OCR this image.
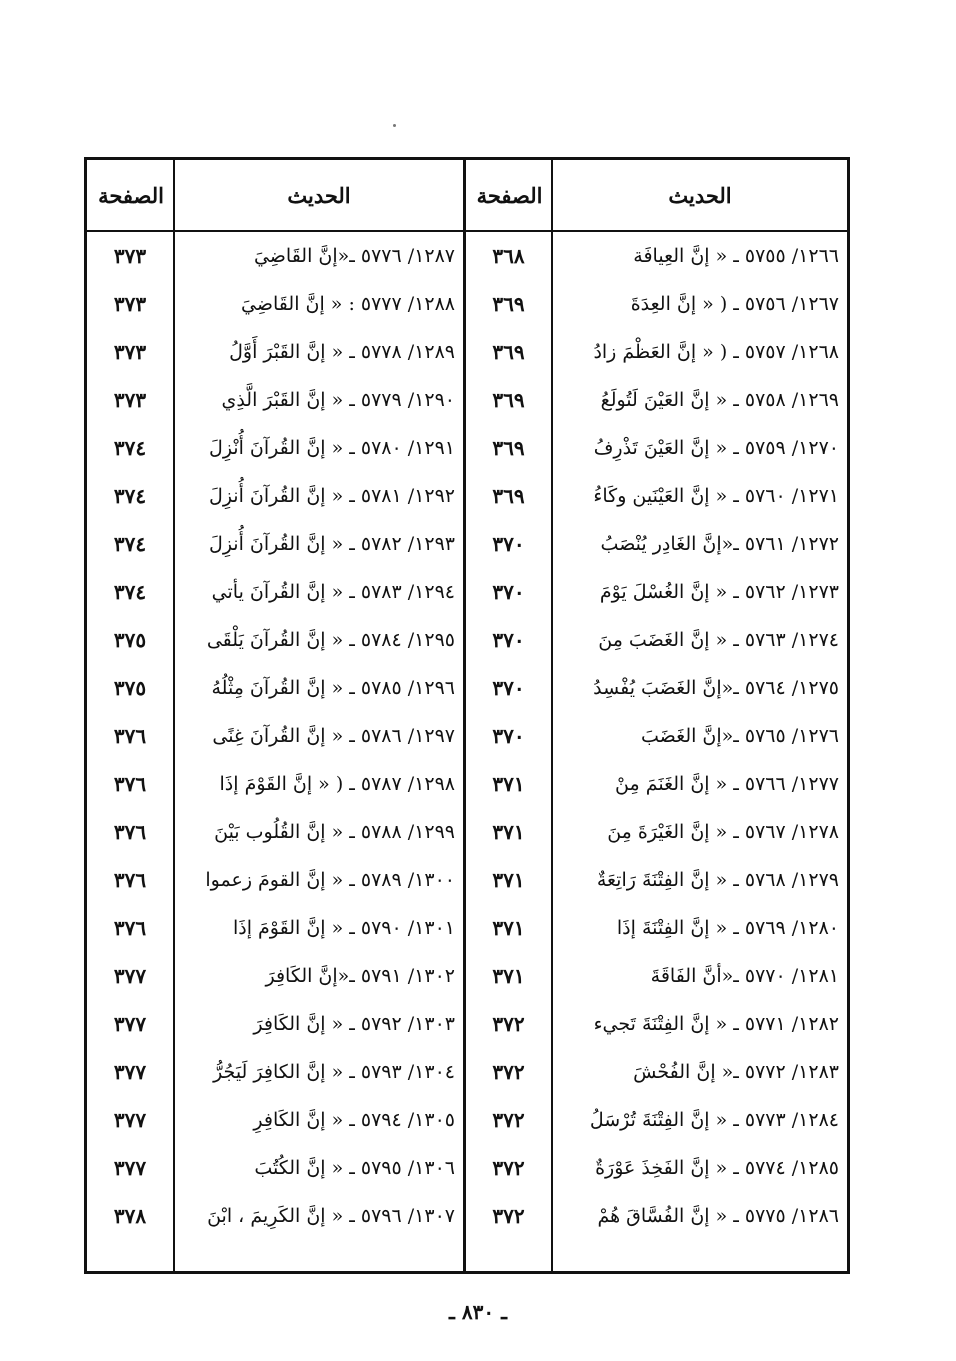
الصفحة	الحديث	الصفحة	الحديث
٣٧٣	١٢٨٧/ ٥٧٧٦ ـ«إنَّ القَاضِيَ	٣٦٨	١٢٦٦/ ٥٧٥٥ ـ « إنَّ العِيافَة
٣٧٣	١٢٨٨/ ٥٧٧٧ : « إنَّ القَاضِيَ	٣٦٩	١٢٦٧/ ٥٧٥٦ ـ ( « إنَّ العِدَةَ
٣٧٣	١٢٨٩/ ٥٧٧٨ ـ « إنَّ القَبْرَ أَوَّلُ	٣٦٩	١٢٦٨/ ٥٧٥٧ ـ ( « إنَّ العَظْمَ زادُ
٣٧٣	١٢٩٠/ ٥٧٧٩ ـ « إنَّ القَبْرَ الَّذِي	٣٦٩	١٢٦٩/ ٥٧٥٨ ـ « إنَّ العَيْنَ لَتُولَعُ
٣٧٤	١٢٩١/ ٥٧٨٠ ـ « إنَّ القُرآنَ أُنْزِلَ	٣٦٩	١٢٧٠/ ٥٧٥٩ ـ « إنَّ العَيْنَ تَذْرِفُ
٣٧٤	١٢٩٢/ ٥٧٨١ ـ « إنَّ القُرآنَ أُنزِلَ	٣٦٩	١٢٧١/ ٥٧٦٠ ـ « إنَّ العَيْنَين وكَاءُ
٣٧٤	١٢٩٣/ ٥٧٨٢ ـ « إنَّ القُرآنَ أُنزِلَ	٣٧٠	١٢٧٢/ ٥٧٦١ ـ«إنَّ الغَادِر يُنْصَبُ
٣٧٤	١٢٩٤/ ٥٧٨٣ ـ « إنَّ القُرآنَ يأتي	٣٧٠	١٢٧٣/ ٥٧٦٢ ـ « إنَّ الغُسْلَ يَوْمَ
٣٧٥	١٢٩٥/ ٥٧٨٤ ـ « إنَّ القُرآنَ يَلْقَى	٣٧٠	١٢٧٤/ ٥٧٦٣ ـ « إنَّ الغَضَبَ مِنَ
٣٧٥	١٢٩٦/ ٥٧٨٥ ـ « إنَّ القُرآنَ مِثْلُهُ	٣٧٠	١٢٧٥/ ٥٧٦٤ ـ«إنَّ الغَضَبَ يُفْسِدُ
٣٧٦	١٢٩٧/ ٥٧٨٦ ـ « إنَّ القُرآنَ غِنًى	٣٧٠	١٢٧٦/ ٥٧٦٥ ـ«إنَّ الغَضَبَ
٣٧٦	١٢٩٨/ ٥٧٨٧ ـ ( « إنَّ القَوْمَ إذَا	٣٧١	١٢٧٧/ ٥٧٦٦ ـ « إنَّ الغَنَمَ مِنْ
٣٧٦	١٢٩٩/ ٥٧٨٨ ـ « إنَّ القُلُوب بَيْنَ	٣٧١	١٢٧٨/ ٥٧٦٧ ـ « إنَّ الغَيْرَةَ مِنَ
٣٧٦	١٣٠٠/ ٥٧٨٩ ـ « إنَّ القومَ زعموا	٣٧١	١٢٧٩/ ٥٧٦٨ ـ « إنَّ الفِتْنَةَ رَاتِعَةٌ
٣٧٦	١٣٠١/ ٥٧٩٠ ـ « إنَّ القَوْمَ إذَا	٣٧١	١٢٨٠/ ٥٧٦٩ ـ « إنَّ الفِتْنَةَ إذَا
٣٧٧	١٣٠٢/ ٥٧٩١ ـ«إنَّ الكَافِرَ	٣٧١	١٢٨١/ ٥٧٧٠ ـ«أنَّ الفَاقَةَ
٣٧٧	١٣٠٣/ ٥٧٩٢ ـ « إنَّ الكَافِرَ	٣٧٢	١٢٨٢/ ٥٧٧١ ـ « إنَّ الفِتْنَةَ تَجيء
٣٧٧	١٣٠٤/ ٥٧٩٣ ـ « إنَّ الكافِرَ لَيَجُرُّ	٣٧٢	١٢٨٣/ ٥٧٧٢ ـ« إنَّ الفُحْشَ
٣٧٧	١٣٠٥/ ٥٧٩٤ ـ « إنَّ الكَافِرِ	٣٧٢	١٢٨٤/ ٥٧٧٣ ـ « إنَّ الفِتْنَةَ تُرْسَلُ
٣٧٧	١٣٠٦/ ٥٧٩٥ ـ « إنَّ الكُتُبَ	٣٧٢	١٢٨٥/ ٥٧٧٤ ـ « إنَّ الفَخِذَ عَوْرَةٌ
٣٧٨	١٣٠٧/ ٥٧٩٦ ـ « إنَّ الكَرِيمَ ، ابْنَ	٣٧٢	١٢٨٦/ ٥٧٧٥ ـ « إنَّ الفُسَّاقَ هُمْ
ـ ٨٣٠ ـ
